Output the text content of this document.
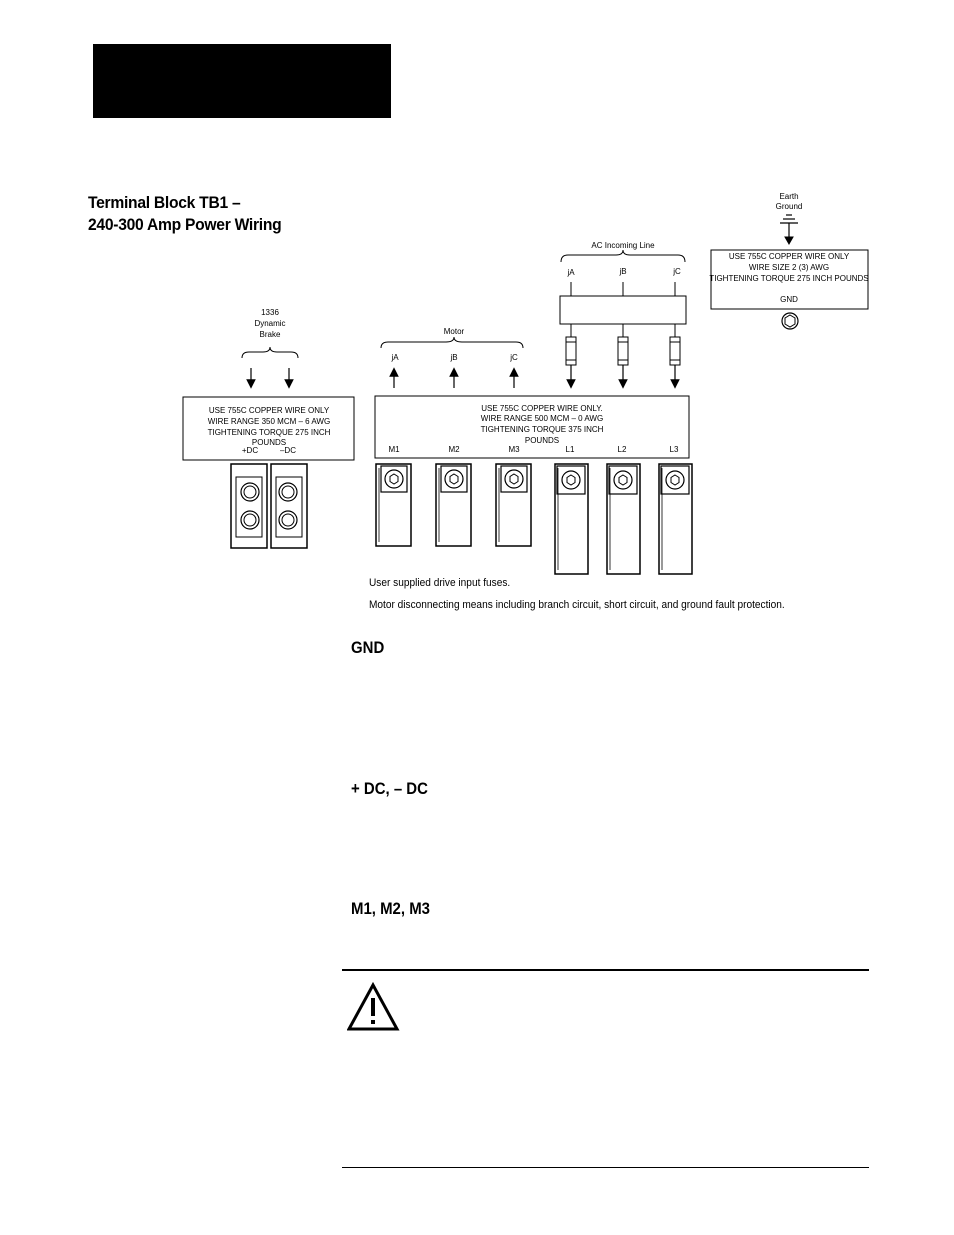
Terminal Block TB1 –
240-300 Amp Power Wiring
Earth
Ground
USE 755C COPPER WIRE ONLY
WIRE SIZE 2 (3) AWG
TIGHTENING TORQUE 275 INCH POUNDS
GND
AC Incoming Line
jA	jB	jC
Motor
jA	jB	jC
1336
Dynamic
Brake
USE 755C COPPER WIRE ONLY
WIRE RANGE 350 MCM – 6 AWG
TIGHTENING TORQUE 275 INCH
POUNDS
+DC	–DC
USE 755C COPPER WIRE ONLY.
WIRE RANGE 500 MCM – 0 AWG
TIGHTENING TORQUE 375 INCH
POUNDS
M1	M2	M3	L1	L2	L3
User supplied drive input fuses.
Motor disconnecting means including branch circuit, short circuit, and ground fault protection.
GND
+ DC, – DC
M1, M2, M3
